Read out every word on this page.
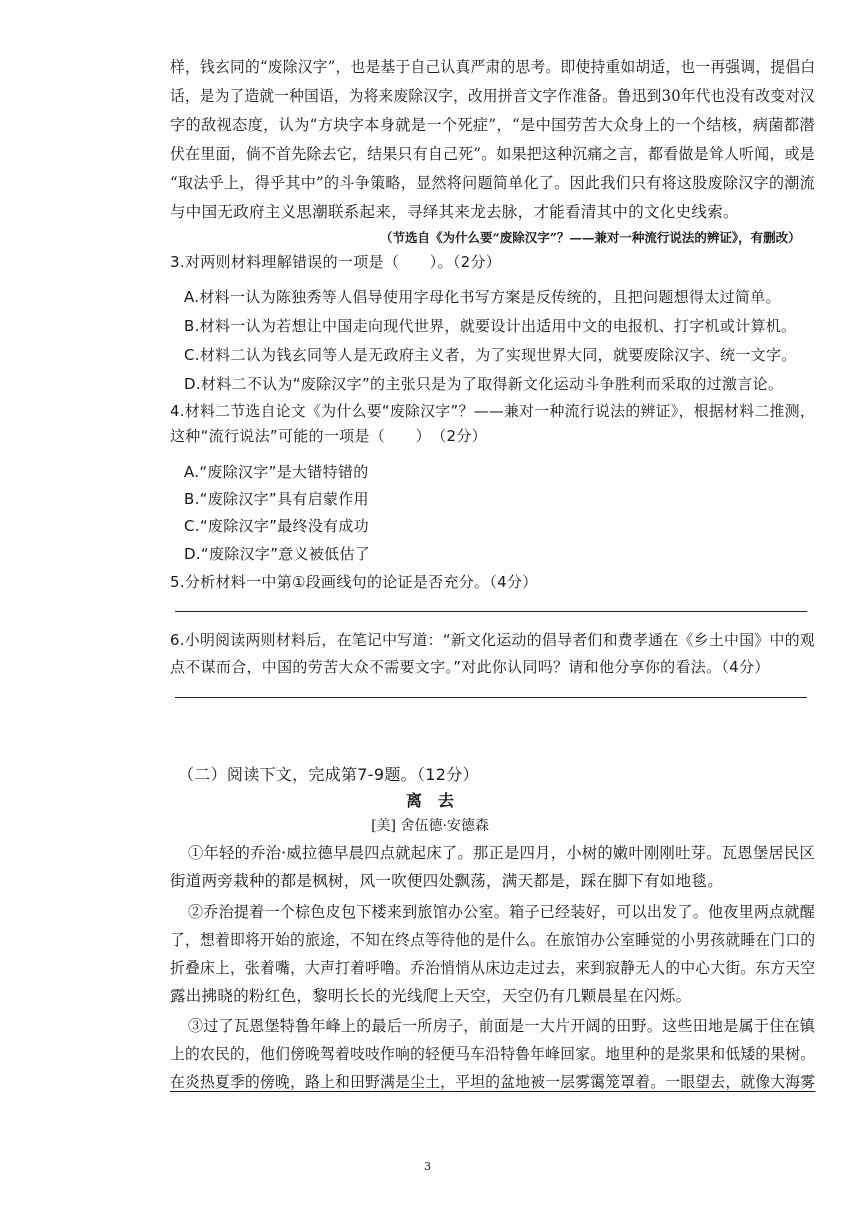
样，钱玄同的“废除汉字”，也是基于自己认真严肃的思考。即使持重如胡适，也一再强调，提倡白
话，是为了造就一种国语，为将来废除汉字，改用拼音文字作准备。鲁迅到30年代也没有改变对汉
字的敌视态度，认为“方块字本身就是一个死症”，“是中国劳苦大众身上的一个结核，病菌都潜
伏在里面，倘不首先除去它，结果只有自己死”。如果把这种沉痛之言，都看做是耸人听闻，或是
“取法乎上，得乎其中”的斗争策略，显然将问题简单化了。因此我们只有将这股废除汉字的潮流
与中国无政府主义思潮联系起来，寻绎其来龙去脉，才能看清其中的文化史线索。
（节选自《为什么要“废除汉字”？——兼对一种流行说法的辨证》，有删改）
3.对两则材料理解错误的一项是（　　）。（2分）
A.材料一认为陈独秀等人倡导使用字母化书写方案是反传统的，且把问题想得太过简单。
B.材料一认为若想让中国走向现代世界，就要设计出适用中文的电报机、打字机或计算机。
C.材料二认为钱玄同等人是无政府主义者，为了实现世界大同，就要废除汉字、统一文字。
D.材料二不认为“废除汉字”的主张只是为了取得新文化运动斗争胜利而采取的过激言论。
4.材料二节选自论文《为什么要“废除汉字”？——兼对一种流行说法的辨证》，根据材料二推测，
这种“流行说法”可能的一项是（　　）　（2分）
A.“废除汉字”是大错特错的
B.“废除汉字”具有启蒙作用
C.“废除汉字”最终没有成功
D.“废除汉字”意义被低估了
5.分析材料一中第①段画线句的论证是否充分。（4分）
6.小明阅读两则材料后，在笔记中写道：“新文化运动的倡导者们和费孝通在《乡土中国》中的观
点不谋而合，中国的劳苦大众不需要文字。”对此你认同吗？请和他分享你的看法。（4分）
（二）阅读下文，完成第7-9题。（12分）
离　去
[美] 舍伍德·安德森
①年轻的乔治·威拉德早晨四点就起床了。那正是四月，小树的嫩叶刚刚吐芽。瓦恩堡居民区
街道两旁栽种的都是枫树，风一吹便四处飘荡，满天都是，踩在脚下有如地毯。
②乔治提着一个棕色皮包下楼来到旅馆办公室。箱子已经装好，可以出发了。他夜里两点就醒
了，想着即将开始的旅途，不知在终点等待他的是什么。在旅馆办公室睡觉的小男孩就睡在门口的
折叠床上，张着嘴，大声打着呼噜。乔治悄悄从床边走过去，来到寂静无人的中心大街。东方天空
露出拂晓的粉红色，黎明长长的光线爬上天空，天空仍有几颗晨星在闪烁。
③过了瓦恩堡特鲁年峰上的最后一所房子，前面是一大片开阔的田野。这些田地是属于住在镇
上的农民的，他们傍晚驾着吱吱作响的轻便马车沿特鲁年峰回家。地里种的是浆果和低矮的果树。
在炎热夏季的傍晚，路上和田野满是尘土，平坦的盆地被一层雾霭笼罩着。一眼望去，就像大海雾
3
